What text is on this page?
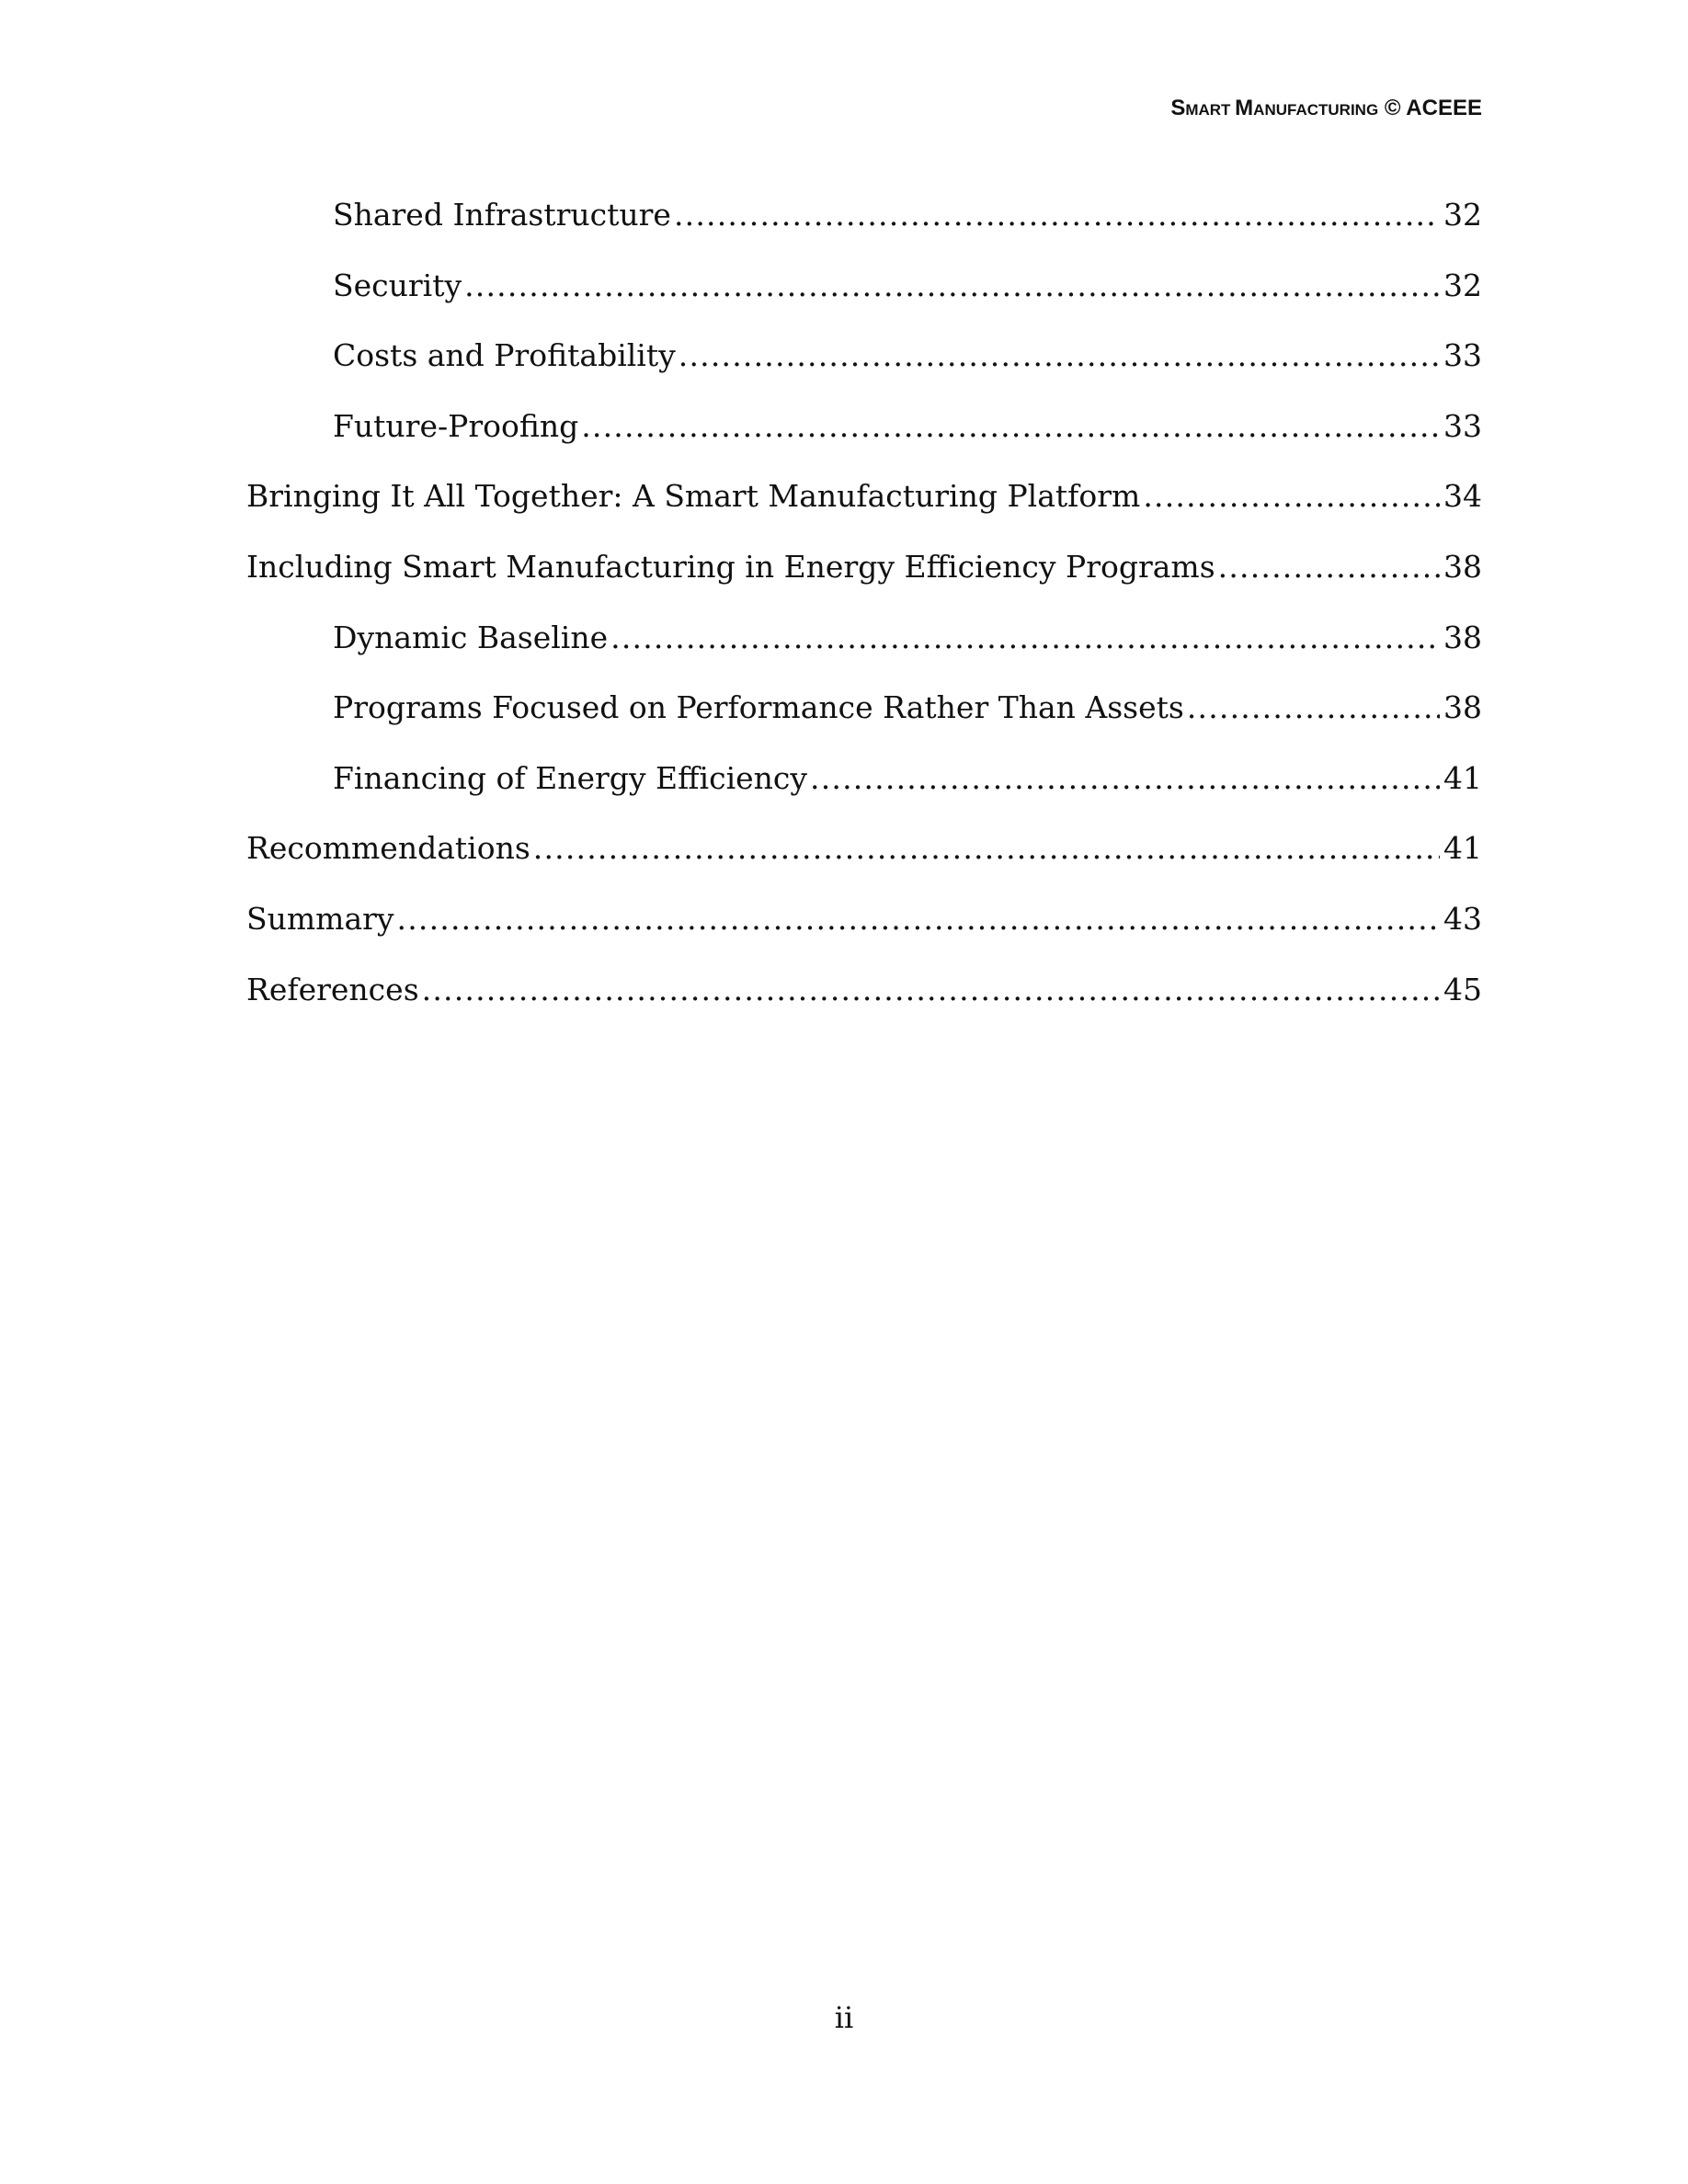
SMART MANUFACTURING © ACEEE
Shared Infrastructure .....	32
Security .....	32
Costs and Profitability .....	33
Future-Proofing .....	33
Bringing It All Together: A Smart Manufacturing Platform .....	34
Including Smart Manufacturing in Energy Efficiency Programs .....	38
Dynamic Baseline .....	38
Programs Focused on Performance Rather Than Assets .....	38
Financing of Energy Efficiency .....	41
Recommendations .....	41
Summary .....	43
References .....	45
ii
